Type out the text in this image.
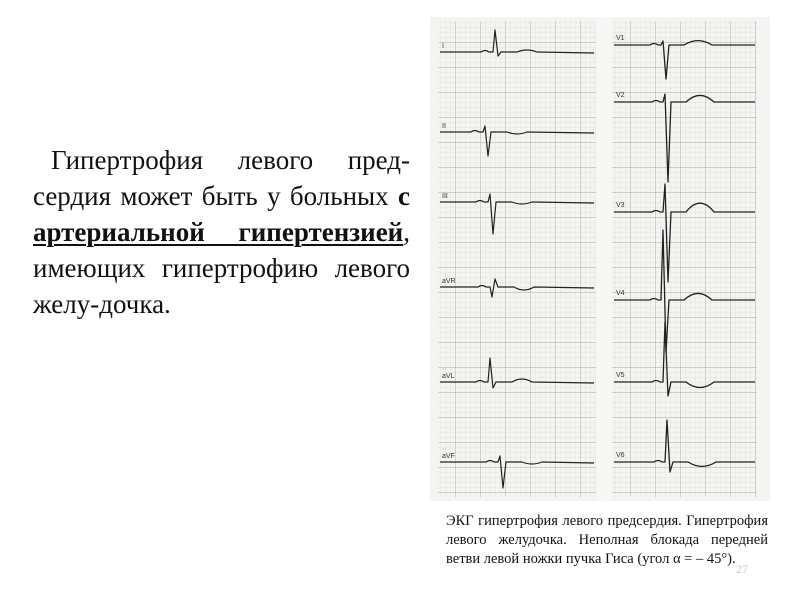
Гипертрофия левого пред-сердия может быть у больных с артериальной гипертензией, имеющих гипертрофию левого желу-дочка.

I
II
III
aVR
aVL
aVF
V1
V2
V3
V4
V5
V6

ЭКГ гипертрофия левого предсердия. Гипертрофия левого желудочка. Неполная блокада передней ветви левой ножки пучка Гиса (угол α = – 45°).

27
